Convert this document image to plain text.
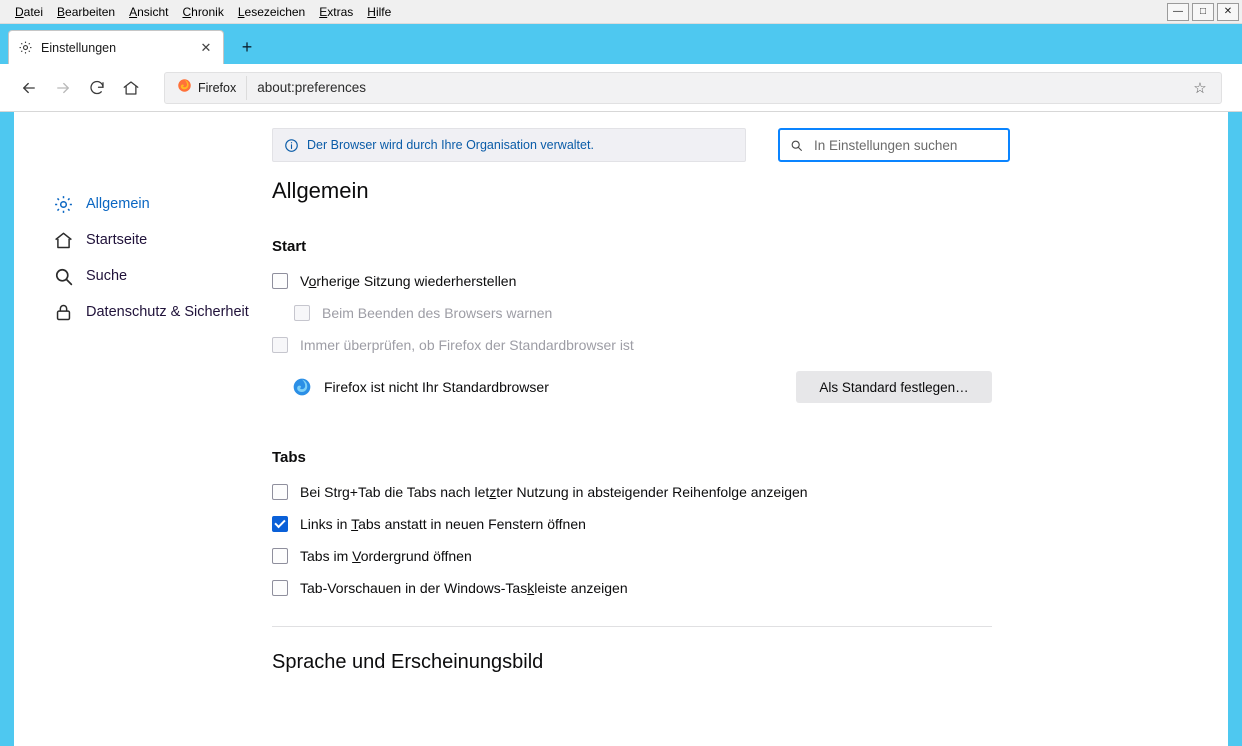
Datei	Bearbeiten	Ansicht	Chronik	Lesezeichen	Extras	Hilfe	—	□	✕
Einstellungen	✕	+
Firefox about:preferences	☆
Der Browser wird durch Ihre Organisation verwaltet.
In Einstellungen suchen
Allgemein
Startseite
Suche
Datenschutz & Sicherheit
Allgemein
Start
Vorherige Sitzung wiederherstellen
Beim Beenden des Browsers warnen
Immer überprüfen, ob Firefox der Standardbrowser ist
Firefox ist nicht Ihr Standardbrowser	Als Standard festlegen…
Tabs
Bei Strg+Tab die Tabs nach letzter Nutzung in absteigender Reihenfolge anzeigen
Links in Tabs anstatt in neuen Fenstern öffnen
Tabs im Vordergrund öffnen
Tab-Vorschauen in der Windows-Taskleiste anzeigen
Sprache und Erscheinungsbild
